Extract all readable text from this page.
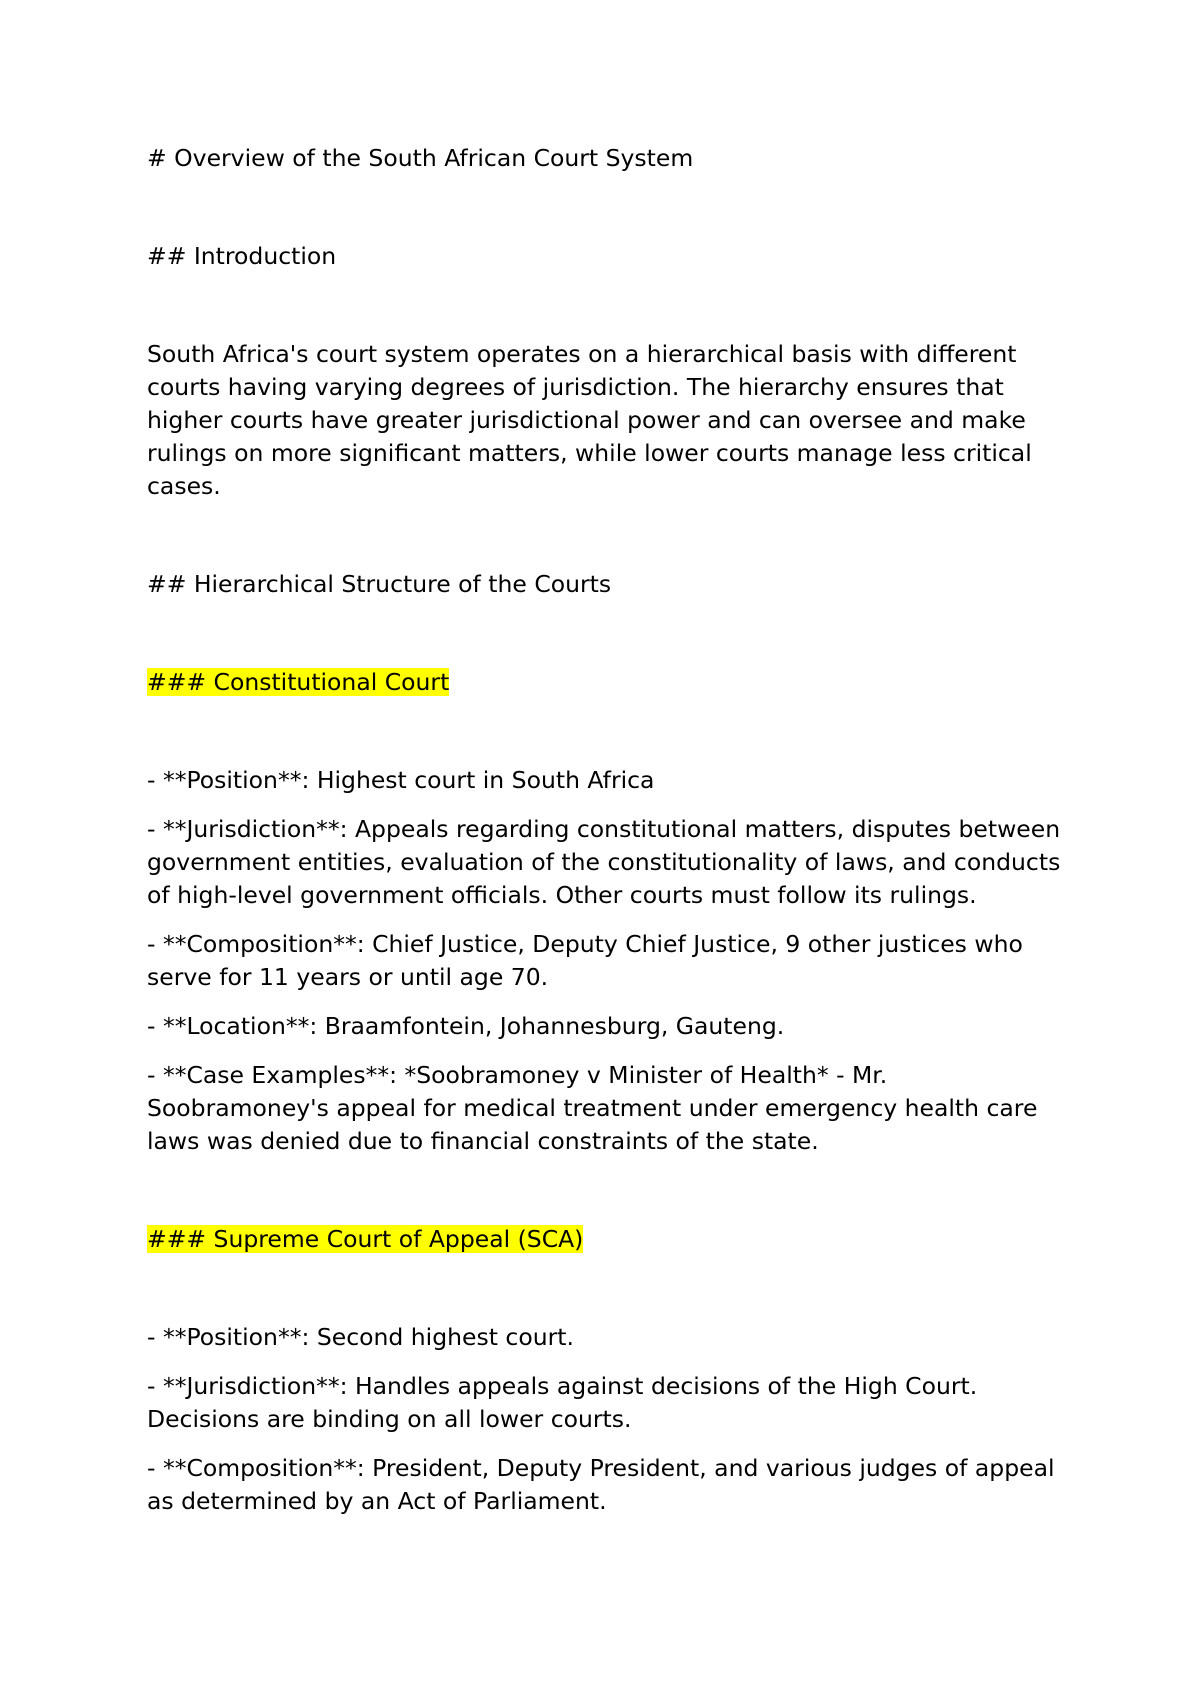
# Overview of the South African Court System

## Introduction

South Africa's court system operates on a hierarchical basis with different courts having varying degrees of jurisdiction. The hierarchy ensures that higher courts have greater jurisdictional power and can oversee and make rulings on more significant matters, while lower courts manage less critical cases.

## Hierarchical Structure of the Courts

### Constitutional Court

- **Position**: Highest court in South Africa

- **Jurisdiction**: Appeals regarding constitutional matters, disputes between government entities, evaluation of the constitutionality of laws, and conducts of high-level government officials. Other courts must follow its rulings.

- **Composition**: Chief Justice, Deputy Chief Justice, 9 other justices who serve for 11 years or until age 70.

- **Location**: Braamfontein, Johannesburg, Gauteng.

- **Case Examples**: *Soobramoney v Minister of Health* - Mr. Soobramoney's appeal for medical treatment under emergency health care laws was denied due to financial constraints of the state.

### Supreme Court of Appeal (SCA)

- **Position**: Second highest court.

- **Jurisdiction**: Handles appeals against decisions of the High Court. Decisions are binding on all lower courts.

- **Composition**: President, Deputy President, and various judges of appeal as determined by an Act of Parliament.
